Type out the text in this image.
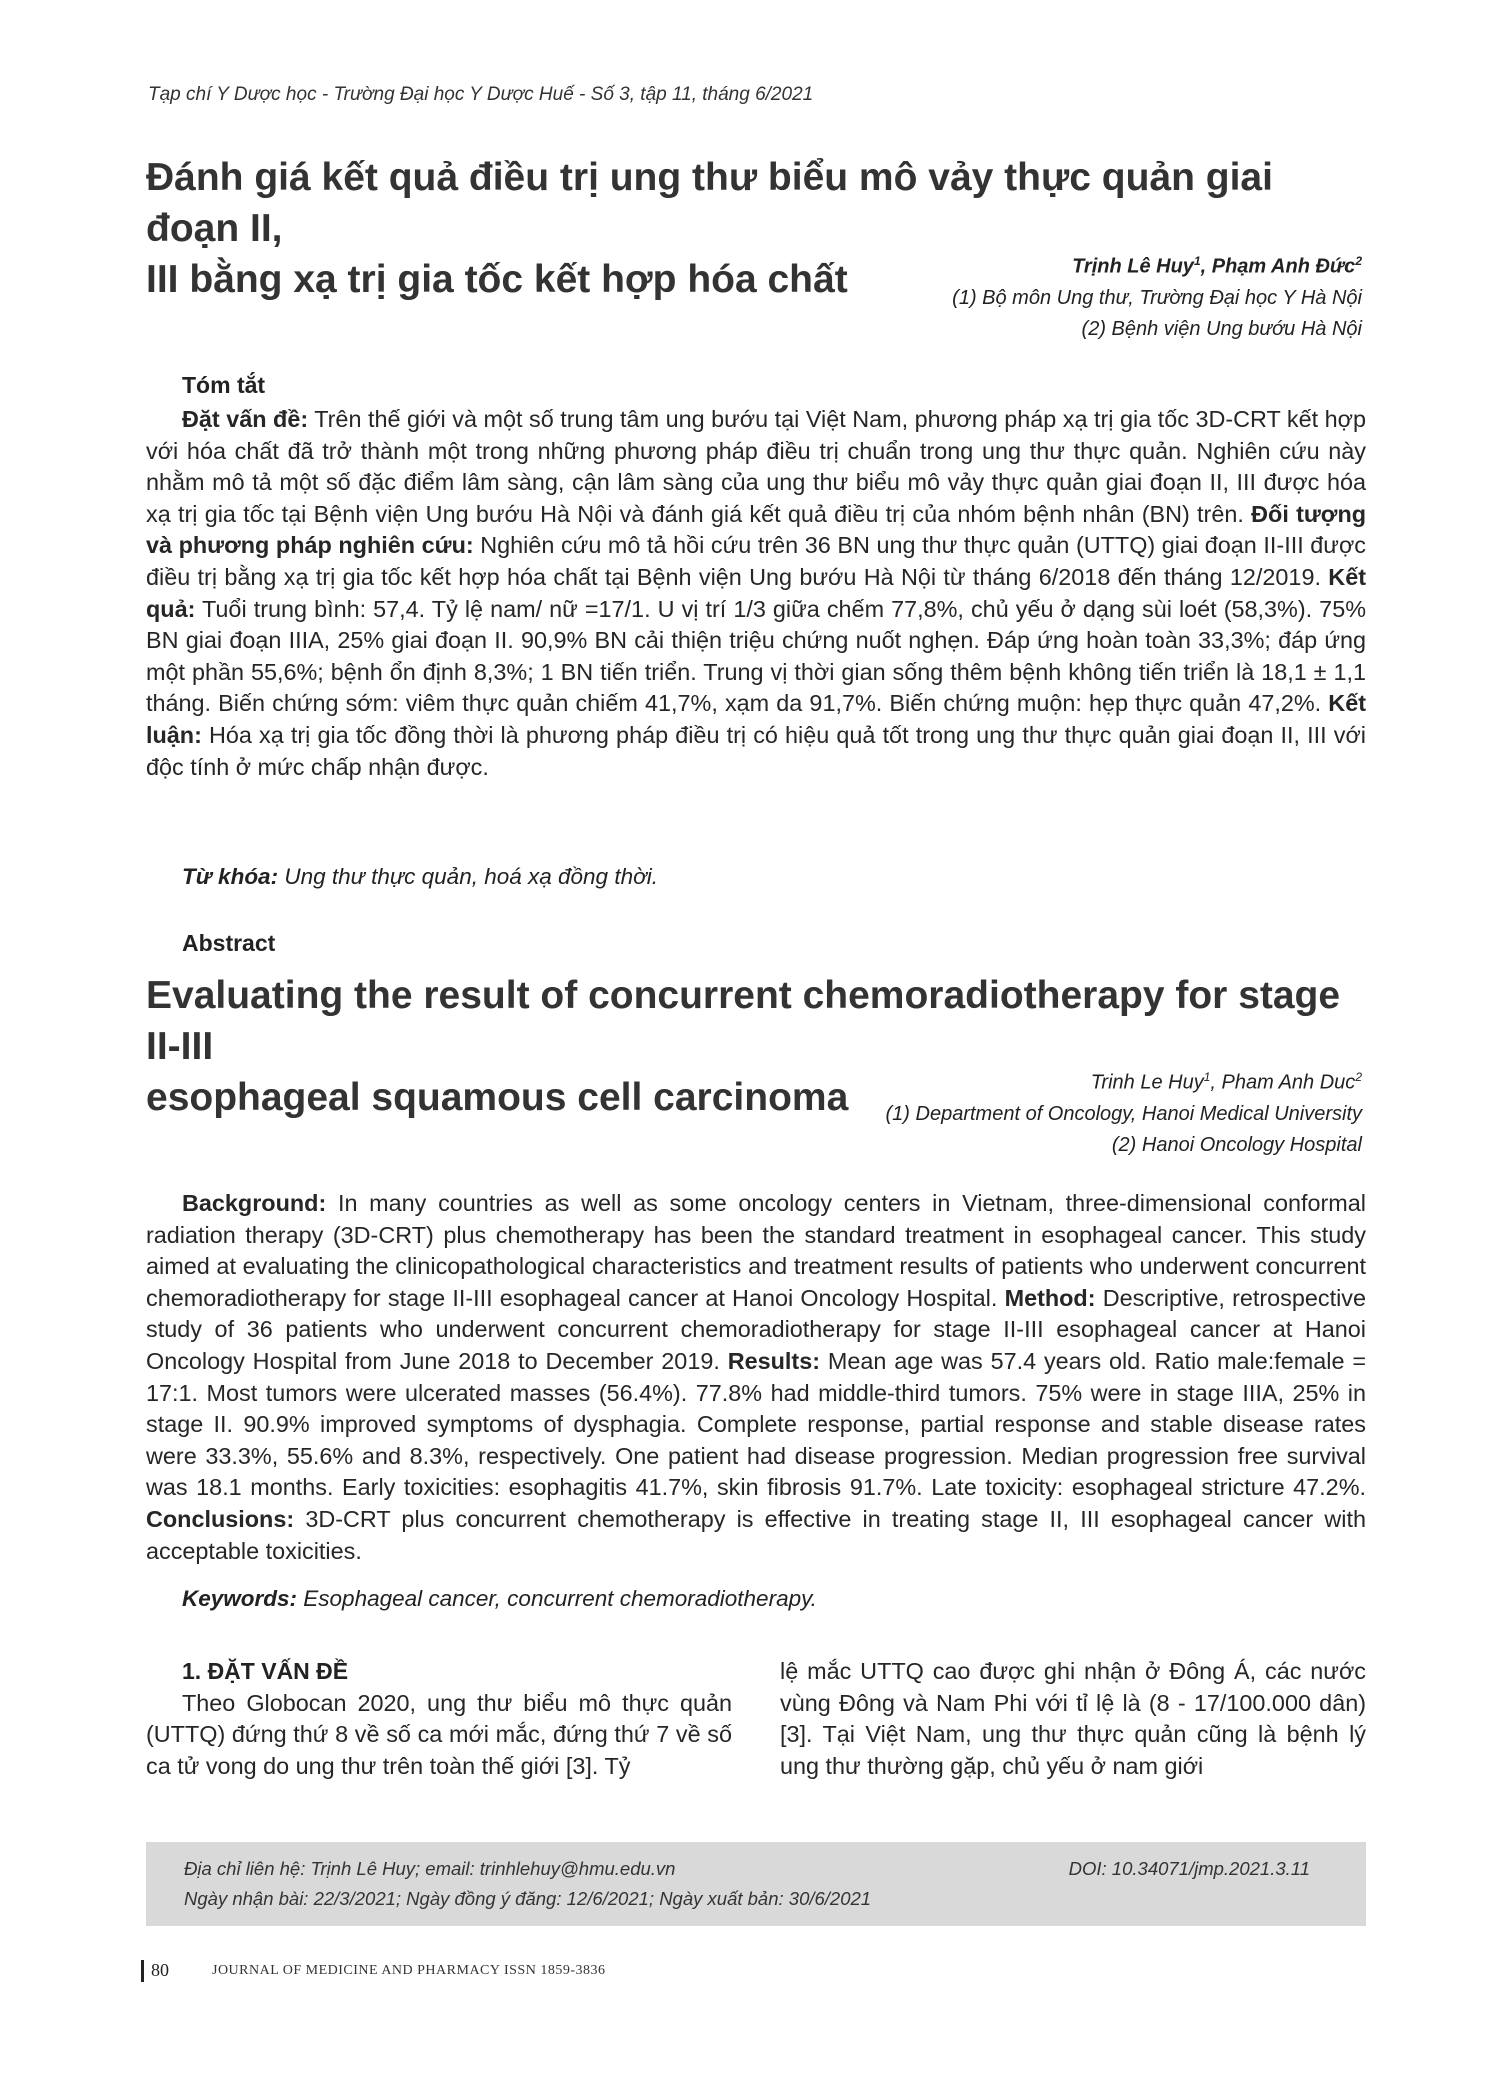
Tạp chí Y Dược học - Trường Đại học Y Dược Huế - Số 3, tập 11, tháng 6/2021
Đánh giá kết quả điều trị ung thư biểu mô vảy thực quản giai đoạn II,
III bằng xạ trị gia tốc kết hợp hóa chất	Trịnh Lê Huy$^1$, Phạm Anh Đức$^2$
(1) Bộ môn Ung thư, Trường Đại học Y Hà Nội
(2) Bệnh viện Ung bướu Hà Nội
Tóm tắt

Đặt vấn đề: Trên thế giới và một số trung tâm ung bướu tại Việt Nam, phương pháp xạ trị gia tốc 3D-CRT kết hợp với hóa chất đã trở thành một trong những phương pháp điều trị chuẩn trong ung thư thực quản. Nghiên cứu này nhằm mô tả một số đặc điểm lâm sàng, cận lâm sàng của ung thư biểu mô vảy thực quản giai đoạn II, III được hóa xạ trị gia tốc tại Bệnh viện Ung bướu Hà Nội và đánh giá kết quả điều trị của nhóm bệnh nhân (BN) trên. Đối tượng và phương pháp nghiên cứu: Nghiên cứu mô tả hồi cứu trên 36 BN ung thư thực quản (UTTQ) giai đoạn II-III được điều trị bằng xạ trị gia tốc kết hợp hóa chất tại Bệnh viện Ung bướu Hà Nội từ tháng 6/2018 đến tháng 12/2019. Kết quả: Tuổi trung bình: 57,4. Tỷ lệ nam/ nữ =17/1. U vị trí 1/3 giữa chếm 77,8%, chủ yếu ở dạng sùi loét (58,3%). 75% BN giai đoạn IIIA, 25% giai đoạn II. 90,9% BN cải thiện triệu chứng nuốt nghẹn. Đáp ứng hoàn toàn 33,3%; đáp ứng một phần 55,6%; bệnh ổn định 8,3%; 1 BN tiến triển. Trung vị thời gian sống thêm bệnh không tiến triển là 18,1 ± 1,1 tháng. Biến chứng sớm: viêm thực quản chiếm 41,7%, xạm da 91,7%. Biến chứng muộn: hẹp thực quản 47,2%. Kết luận: Hóa xạ trị gia tốc đồng thời là phương pháp điều trị có hiệu quả tốt trong ung thư thực quản giai đoạn II, III với độc tính ở mức chấp nhận được.

Từ khóa: Ung thư thực quản, hoá xạ đồng thời.
Abstract
Evaluating the result of concurrent chemoradiotherapy for stage II-III
esophageal squamous cell carcinoma	Trinh Le Huy$^1$, Pham Anh Duc$^2$
(1) Department of Oncology, Hanoi Medical University
(2) Hanoi Oncology Hospital

Background: In many countries as well as some oncology centers in Vietnam, three-dimensional conformal radiation therapy (3D-CRT) plus chemotherapy has been the standard treatment in esophageal cancer. This study aimed at evaluating the clinicopathological characteristics and treatment results of patients who underwent concurrent chemoradiotherapy for stage II-III esophageal cancer at Hanoi Oncology Hospital. Method: Descriptive, retrospective study of 36 patients who underwent concurrent chemoradiotherapy for stage II-III esophageal cancer at Hanoi Oncology Hospital from June 2018 to December 2019. Results: Mean age was 57.4 years old. Ratio male:female = 17:1. Most tumors were ulcerated masses (56.4%). 77.8% had middle-third tumors. 75% were in stage IIIA, 25% in stage II. 90.9% improved symptoms of dysphagia. Complete response, partial response and stable disease rates were 33.3%, 55.6% and 8.3%, respectively. One patient had disease progression. Median progression free survival was 18.1 months. Early toxicities: esophagitis 41.7%, skin fibrosis 91.7%. Late toxicity: esophageal stricture 47.2%. Conclusions: 3D-CRT plus concurrent chemotherapy is effective in treating stage II, III esophageal cancer with acceptable toxicities.

Keywords: Esophageal cancer, concurrent chemoradiotherapy.
1. ĐẶT VẤN ĐỀ

Theo Globocan 2020, ung thư biểu mô thực quản (UTTQ) đứng thứ 8 về số ca mới mắc, đứng thứ 7 về số ca tử vong do ung thư trên toàn thế giới [3]. Tỷ

lệ mắc UTTQ cao được ghi nhận ở Đông Á, các nước vùng Đông và Nam Phi với tỉ lệ là (8 - 17/100.000 dân) [3]. Tại Việt Nam, ung thư thực quản cũng là bệnh lý ung thư thường gặp, chủ yếu ở nam giới

Địa chỉ liên hệ: Trịnh Lê Huy; email: trinhlehuy@hmu.edu.vn	DOI: 10.34071/jmp.2021.3.11
Ngày nhận bài: 22/3/2021; Ngày đồng ý đăng: 12/6/2021; Ngày xuất bản: 30/6/2021
80	JOURNAL OF MEDICINE AND PHARMACY ISSN 1859-3836
